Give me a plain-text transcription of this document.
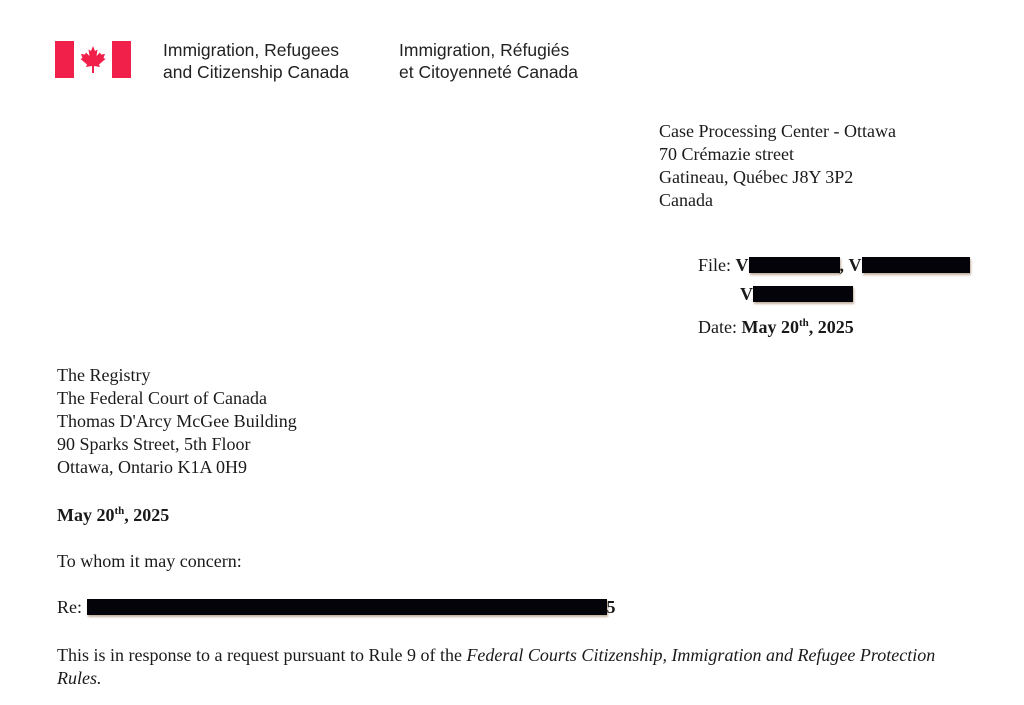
Immigration, Refugees
and Citizenship Canada
Immigration, Réfugiés
et Citoyenneté Canada
Case Processing Center - Ottawa
70 Crémazie street
Gatineau, Québec J8Y 3P2
Canada
File: V	, V
V
Date: May 20th, 2025
The Registry
The Federal Court of Canada
Thomas D'Arcy McGee Building
90 Sparks Street, 5th Floor
Ottawa, Ontario K1A 0H9
May 20th, 2025
To whom it may concern:
Re:	5
This is in response to a request pursuant to Rule 9 of the Federal Courts Citizenship, Immigration and Refugee Protection Rules.
